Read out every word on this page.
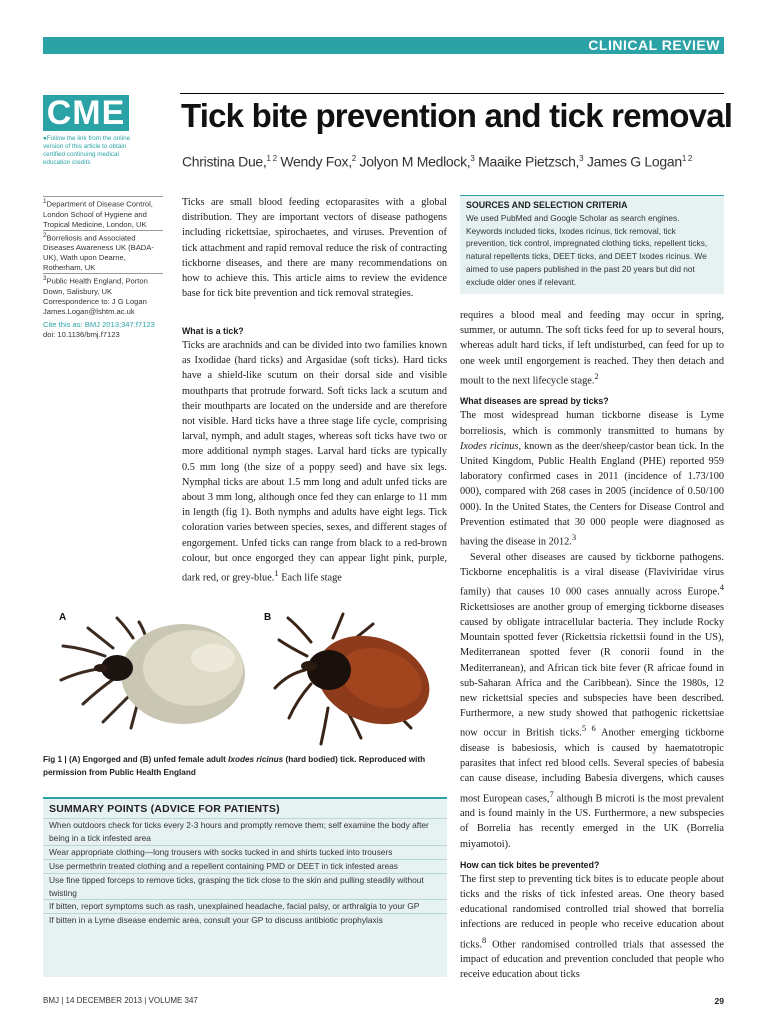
CLINICAL REVIEW
CME
●Follow the link from the online version of this article to obtain certified continuing medical education credits
Tick bite prevention and tick removal
Christina Due,$^{1 2}$ Wendy Fox,$^2$ Jolyon M Medlock,$^3$ Maaike Pietzsch,$^3$ James G Logan$^{1 2}$

$^1$Department of Disease Control, London School of Hygiene and Tropical Medicine, London, UK

$^2$Borreliosis and Associated Diseases Awareness UK (BADA-UK), Wath upon Dearne, Rotherham, UK

$^3$Public Health England, Porton Down, Salisbury, UK

Correspondence to: J G Logan James.Logan@lshtm.ac.uk

Cite this as: BMJ 2013;347:f7123

doi: 10.1136/bmj.f7123

Ticks are small blood feeding ectoparasites with a global distribution. They are important vectors of disease pathogens including rickettsiae, spirochaetes, and viruses. Prevention of tick attachment and rapid removal reduce the risk of contracting tickborne diseases, and there are many recommendations on how to achieve this. This article aims to review the evidence base for tick bite prevention and tick removal strategies.

SOURCES AND SELECTION CRITERIA
We used PubMed and Google Scholar as search engines. Keywords included ticks, Ixodes ricinus, tick removal, tick prevention, tick control, impregnated clothing ticks, repellent ticks, natural repellents ticks, DEET ticks, and DEET Ixodes ricinus. We aimed to use papers published in the past 20 years but did not exclude older ones if relevant.
What is a tick?

Ticks are arachnids and can be divided into two families known as Ixodidae (hard ticks) and Argasidae (soft ticks). Hard ticks have a shield-like scutum on their dorsal side and visible mouthparts that protrude forward. Soft ticks lack a scutum and their mouthparts are located on the underside and are therefore not visible. Hard ticks have a three stage life cycle, comprising larval, nymph, and adult stages, whereas soft ticks have two or more additional nymph stages. Larval hard ticks are typically 0.5 mm long (the size of a poppy seed) and have six legs. Nymphal ticks are about 1.5 mm long and adult unfed ticks are about 3 mm long, although once fed they can enlarge to 11 mm in length (fig 1). Both nymphs and adults have eight legs. Tick coloration varies between species, sexes, and different stages of engorgement. Unfed ticks can range from black to a red-brown colour, but once engorged they can appear light pink, purple, dark red, or grey-blue.$^1$ Each life stage

requires a blood meal and feeding may occur in spring, summer, or autumn. The soft ticks feed for up to several hours, whereas adult hard ticks, if left undisturbed, can feed for up to one week until engorgement is reached. They then detach and moult to the next lifecycle stage.$^2$

What diseases are spread by ticks?

The most widespread human tickborne disease is Lyme borreliosis, which is commonly transmitted to humans by Ixodes ricinus, known as the deer/sheep/castor bean tick. In the United Kingdom, Public Health England (PHE) reported 959 laboratory confirmed cases in 2011 (incidence of 1.73/100 000), compared with 268 cases in 2005 (incidence of 0.50/100 000). In the United States, the Centers for Disease Control and Prevention estimated that 30 000 people were diagnosed as having the disease in 2012.$^3$

Several other diseases are caused by tickborne pathogens. Tickborne encephalitis is a viral disease (Flaviviridae virus family) that causes 10 000 cases annually across Europe.$^4$ Rickettsioses are another group of emerging tickborne diseases caused by obligate intracellular bacteria. They include Rocky Mountain spotted fever (Rickettsia rickettsii found in the US), Mediterranean spotted fever (R conorii found in the Mediterranean), and African tick bite fever (R africae found in sub-Saharan Africa and the Caribbean). Since the 1980s, 12 new rickettsial species and subspecies have been described. Furthermore, a new study showed that pathogenic rickettsiae now occur in British ticks.$^{5 6}$ Another emerging tickborne disease is babesiosis, which is caused by haematotropic parasites that infect red blood cells. Several species of babesia can cause disease, including Babesia divergens, which causes most European cases,$^7$ although B microti is the most prevalent and is found mainly in the US. Furthermore, a new subspecies of Borrelia has recently emerged in the UK (Borrelia miyamotoi).

How can tick bites be prevented?

The first step to preventing tick bites is to educate people about ticks and the risks of tick infested areas. One theory based educational randomised controlled trial showed that borrelia infections are reduced in people who receive education about ticks.$^8$ Other randomised controlled trials that assessed the impact of education and prevention concluded that people who receive education about ticks

A	B
Fig 1 | (A) Engorged and (B) unfed female adult Ixodes ricinus (hard bodied) tick. Reproduced with permission from Public Health England
SUMMARY POINTS (ADVICE FOR PATIENTS)
When outdoors check for ticks every 2-3 hours and promptly remove them; self examine the body after being in a tick infested area
Wear appropriate clothing—long trousers with socks tucked in and shirts tucked into trousers
Use permethrin treated clothing and a repellent containing PMD or DEET in tick infested areas
Use fine tipped forceps to remove ticks, grasping the tick close to the skin and pulling steadily without twisting
If bitten, report symptoms such as rash, unexplained headache, facial palsy, or arthralgia to your GP
If bitten in a Lyme disease endemic area, consult your GP to discuss antibiotic prophylaxis
BMJ | 14 DECEMBER 2013 | VOLUME 347	29
